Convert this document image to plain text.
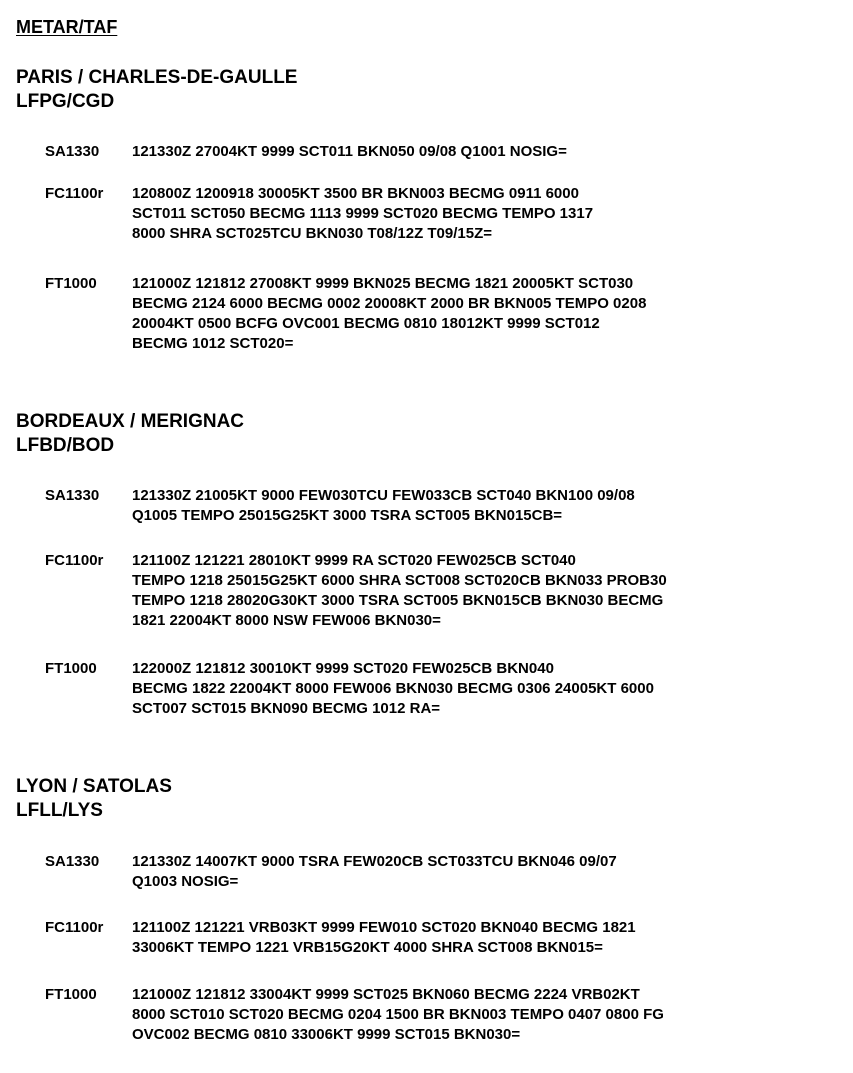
METAR/TAF
PARIS / CHARLES-DE-GAULLE
LFPG/CGD
SA1330 121330Z 27004KT 9999 SCT011 BKN050 09/08 Q1001 NOSIG=
FC1100r 120800Z 1200918 30005KT 3500 BR BKN003 BECMG 0911 6000
SCT011 SCT050 BECMG 1113 9999 SCT020 BECMG TEMPO 1317
8000 SHRA SCT025TCU BKN030 T08/12Z T09/15Z=
FT1000 121000Z 121812 27008KT 9999 BKN025 BECMG 1821 20005KT SCT030
BECMG 2124 6000 BECMG 0002 20008KT 2000 BR BKN005 TEMPO 0208
20004KT 0500 BCFG OVC001 BECMG 0810 18012KT 9999 SCT012
BECMG 1012 SCT020=
BORDEAUX / MERIGNAC
LFBD/BOD
SA1330 121330Z 21005KT 9000 FEW030TCU FEW033CB SCT040 BKN100 09/08
Q1005 TEMPO 25015G25KT 3000 TSRA SCT005 BKN015CB=
FC1100r 121100Z 121221 28010KT 9999 RA SCT020 FEW025CB SCT040
TEMPO 1218 25015G25KT 6000 SHRA SCT008 SCT020CB BKN033 PROB30
TEMPO 1218 28020G30KT 3000 TSRA SCT005 BKN015CB BKN030 BECMG
1821 22004KT 8000 NSW FEW006 BKN030=
FT1000 122000Z 121812 30010KT 9999 SCT020 FEW025CB BKN040
BECMG 1822 22004KT 8000 FEW006 BKN030 BECMG 0306 24005KT 6000
SCT007 SCT015 BKN090 BECMG 1012 RA=
LYON / SATOLAS
LFLL/LYS
SA1330 121330Z 14007KT 9000 TSRA FEW020CB SCT033TCU BKN046 09/07
Q1003 NOSIG=
FC1100r 121100Z 121221 VRB03KT 9999 FEW010 SCT020 BKN040 BECMG 1821
33006KT TEMPO 1221 VRB15G20KT 4000 SHRA SCT008 BKN015=
FT1000 121000Z 121812 33004KT 9999 SCT025 BKN060 BECMG 2224 VRB02KT
8000 SCT010 SCT020 BECMG 0204 1500 BR BKN003 TEMPO 0407 0800 FG
OVC002 BECMG 0810 33006KT 9999 SCT015 BKN030=
